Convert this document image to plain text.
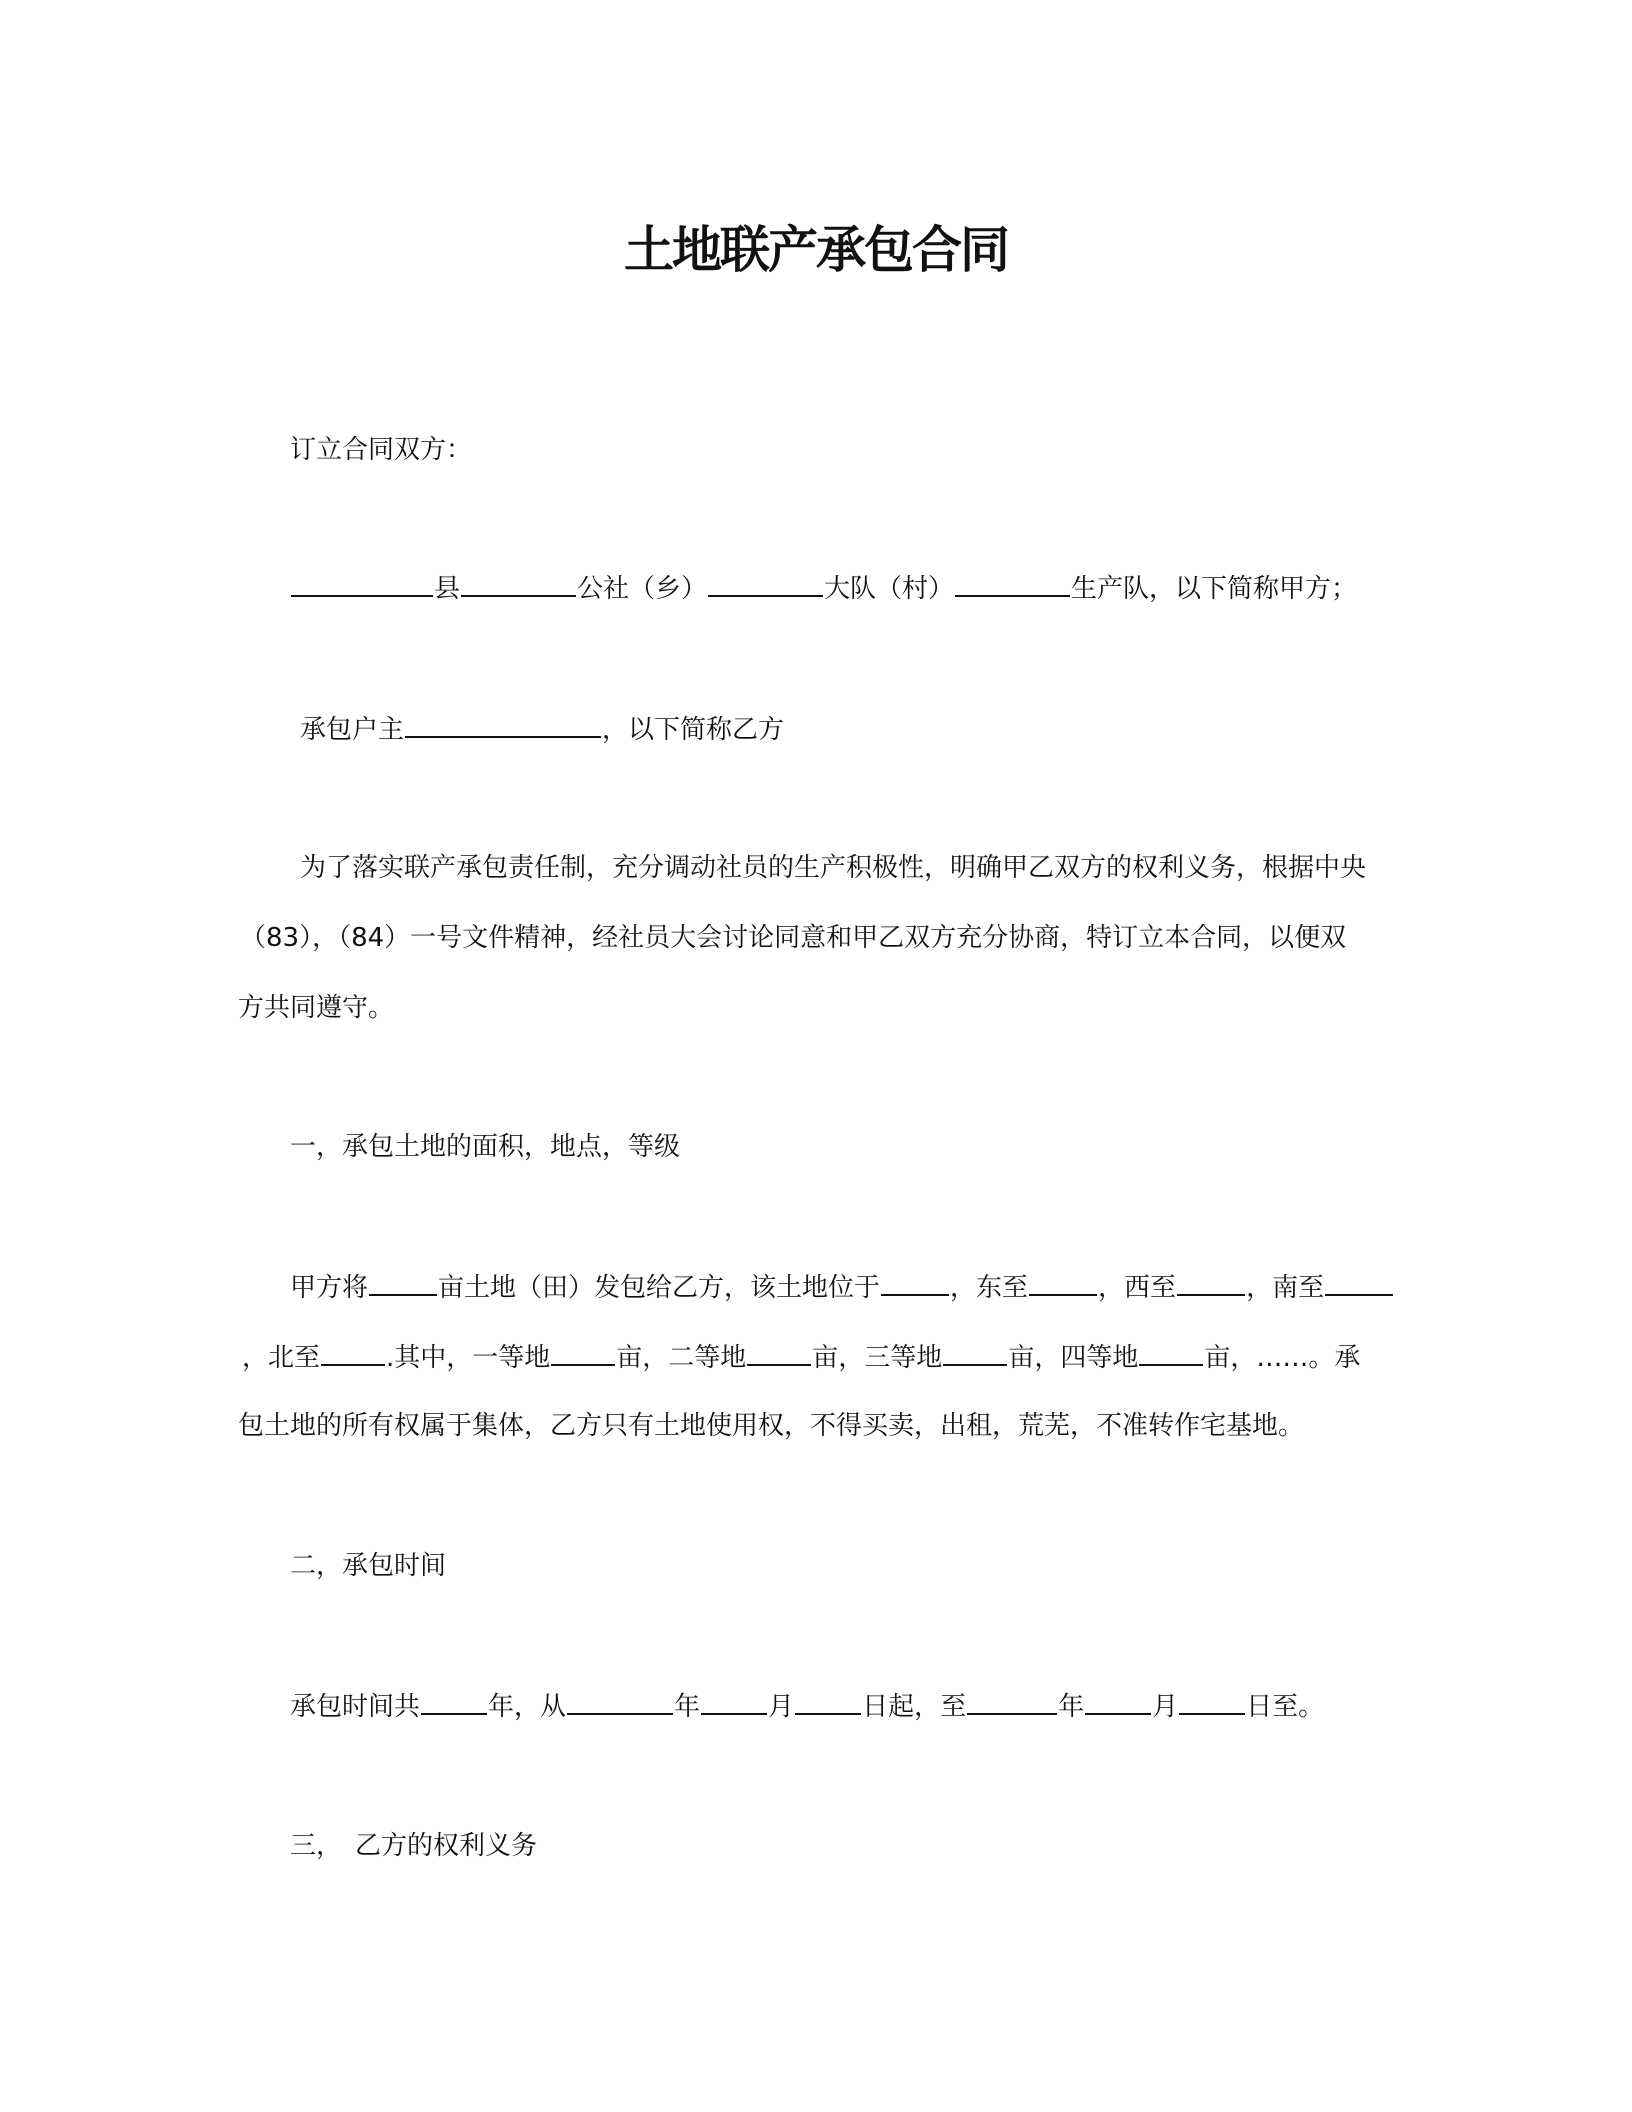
土地联产承包合同
订立合同双方：
县	公社（乡）	大队（村）	生产队，以下简称甲方；
承包户主	，以下简称乙方
为了落实联产承包责任制，充分调动社员的生产积极性，明确甲乙双方的权利义务，根据中央
（83），（84）一号文件精神，经社员大会讨论同意和甲乙双方充分协商，特订立本合同，以便双
方共同遵守。
一，承包土地的面积，地点，等级
甲方将	亩土地（田）发包给乙方，该土地位于	，东至	，西至	，南至
，北至	.其中，一等地	亩，二等地	亩，三等地	亩，四等地	亩，……。承
包土地的所有权属于集体，乙方只有土地使用权，不得买卖，出租，荒芜，不准转作宅基地。
二，承包时间
承包时间共	年，从	年	月	日起，至	年	月	日至。
三，　乙方的权利义务
